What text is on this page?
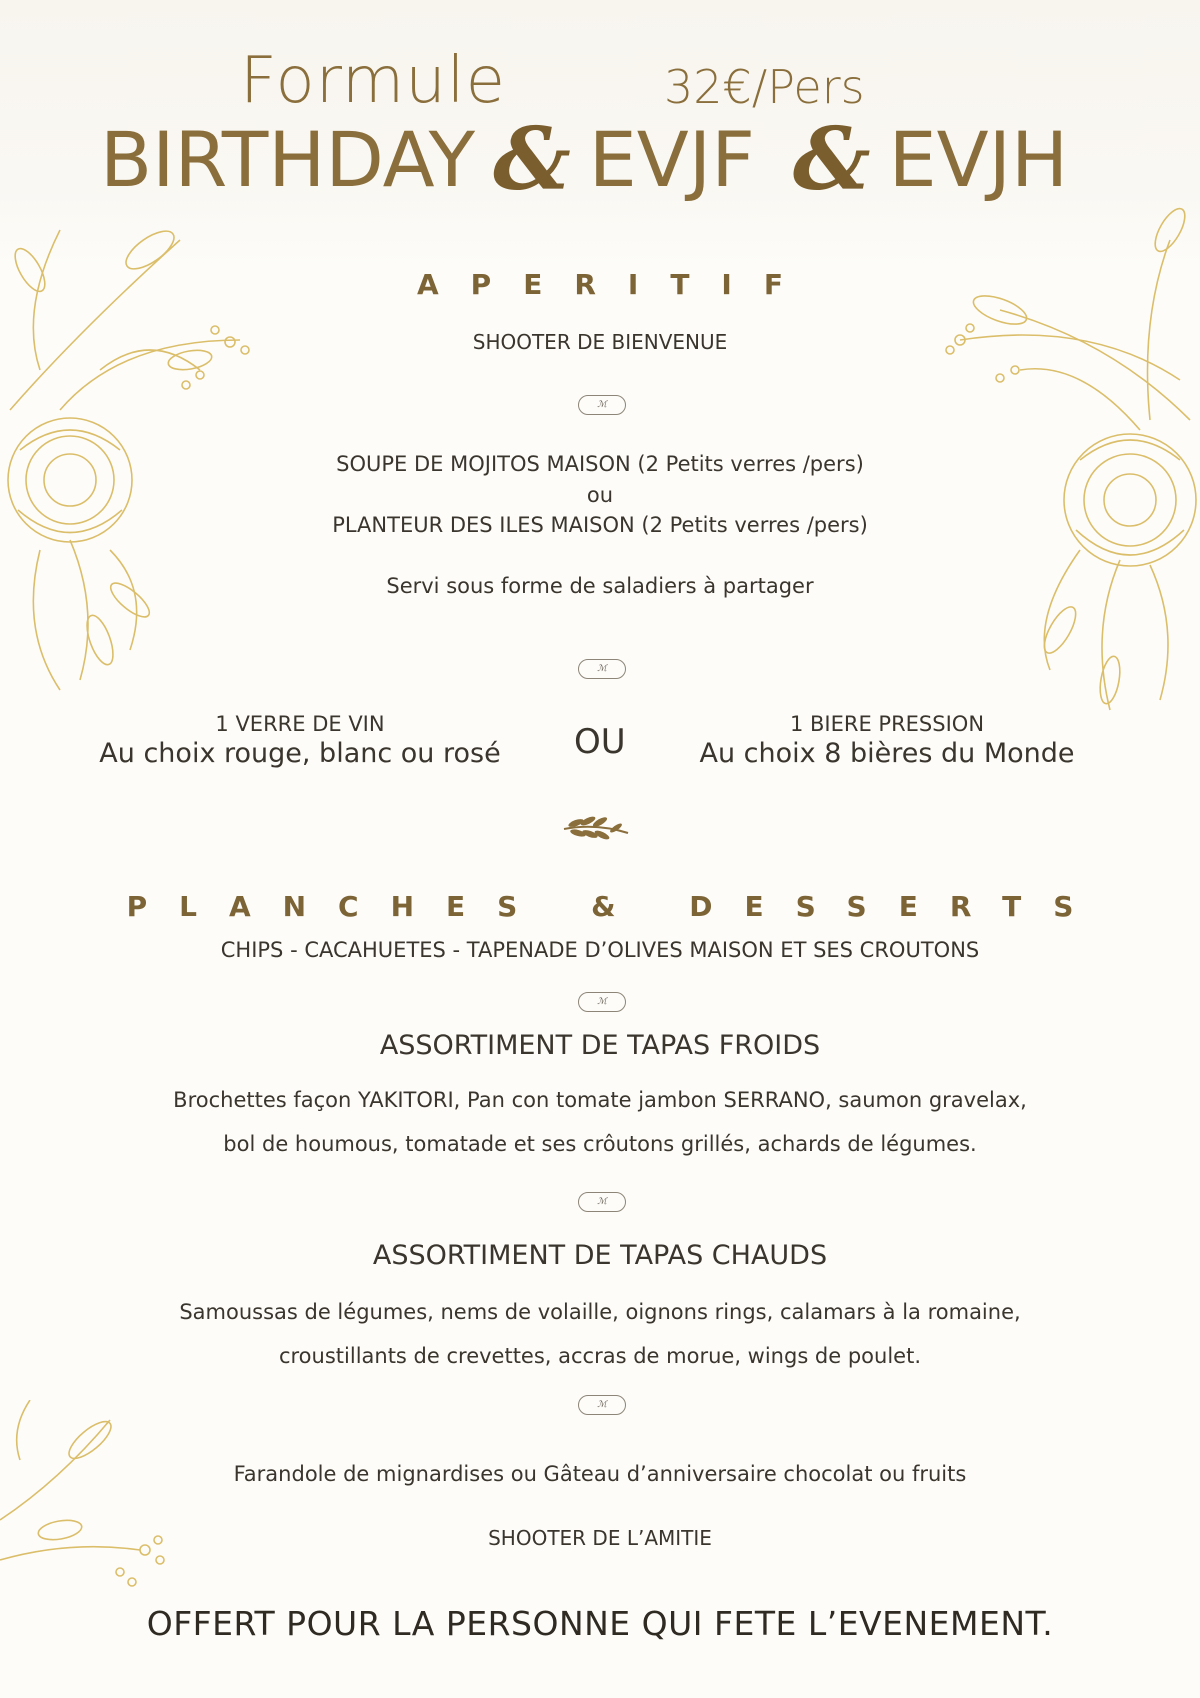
Formule	32€/Pers
BIRTHDAY & EVJF & EVJH
APERITIF
SHOOTER DE BIENVENUE
ℳ
SOUPE DE MOJITOS MAISON (2 Petits verres /pers)
ou
PLANTEUR DES ILES MAISON (2 Petits verres /pers)
Servi sous forme de saladiers à partager
ℳ
1 VERRE DE VIN
Au choix rouge, blanc ou rosé	OU	1 BIERE PRESSION
Au choix 8 bières du Monde
PLANCHES & DESSERTS
CHIPS - CACAHUETES - TAPENADE D’OLIVES MAISON ET SES CROUTONS
ℳ
ASSORTIMENT DE TAPAS FROIDS
Brochettes façon YAKITORI, Pan con tomate jambon SERRANO, saumon gravelax,
bol de houmous, tomatade et ses crôutons grillés, achards de légumes.
ℳ
ASSORTIMENT DE TAPAS CHAUDS
Samoussas de légumes, nems de volaille, oignons rings, calamars à la romaine,
croustillants de crevettes, accras de morue, wings de poulet.
ℳ
Farandole de mignardises ou Gâteau d’anniversaire chocolat ou fruits
SHOOTER DE L’AMITIE
OFFERT POUR LA PERSONNE QUI FETE L’EVENEMENT.
